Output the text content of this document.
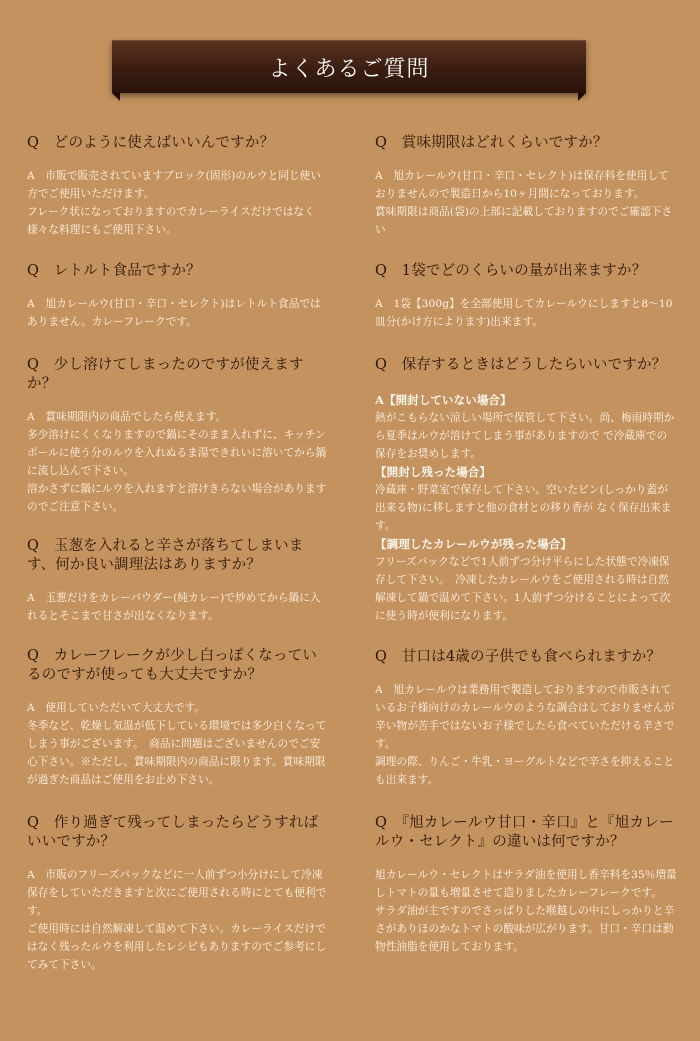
よくあるご質問

Q　どのように使えばいいんですか？

A　市販で販売されていますブロック(固形)のルウと同じ使い方でご使用いただけます。

フレーク状になっておりますのでカレーライスだけではなく様々な料理にもご使用下さい。

Q　レトルト食品ですか？

A　旭カレールウ(甘口・辛口・セレクト)はレトルト食品ではありません。カレーフレークです。

Q　少し溶けてしまったのですが使えますか？

A　賞味期限内の商品でしたら使えます。

多少溶けにくくなりますので鍋にそのまま入れずに、キッチンボールに使う分のルウを入れぬるま湯できれいに溶いてから鍋に流し込んで下さい。

溶かさずに鍋にルウを入れますと溶けきらない場合がありますのでご注意下さい。

Q　玉葱を入れると辛さが落ちてしまいます、何か良い調理法はありますか？

A　玉葱だけをカレーパウダー(純カレー)で炒めてから鍋に入れるとそこまで甘さが出なくなります。

Q　カレーフレークが少し白っぽくなっているのですが使っても大丈夫ですか？

A　使用していただいて大丈夫です。

冬季など、乾燥し気温が低下している環境では多少白くなってしまう事がございます。　商品に問題はございませんのでご安心下さい。※ただし、賞味期限内の商品に限ります。賞味期限が過ぎた商品はご使用をお止め下さい。

Q　作り過ぎて残ってしまったらどうすればいいですか？

A　市販のフリーズパックなどに一人前ずつ小分けにして冷凍保存をしていただきますと次にご使用される時にとても便利です。

ご使用時には自然解凍して温めて下さい。カレーライスだけではなく残ったルウを利用したレシピもありますのでご参考にしてみて下さい。

Q　賞味期限はどれくらいですか？

A　旭カレールウ(甘口・辛口・セレクト)は保存料を使用しておりませんので製造日から10ヶ月間になっております。

賞味期限は商品(袋)の上部に記載しておりますのでご確認下さい

Q　1袋でどのくらいの量が出来ますか？

A　1袋【300g】を全部使用してカレールウにしますと8～10皿分(かけ方によります)出来ます。

Q　保存するときはどうしたらいいですか？

A【開封していない場合】

熱がこもらない涼しい場所で保管して下さい。尚、梅雨時期から夏季はルウが溶けてしまう事がありますので で冷蔵庫での保存をお奨めします。

【開封し残った場合】

冷蔵庫・野菜室で保存して下さい。空いたビン(しっかり蓋が出来る物)に移しますと他の食材との移り香が なく保存出来ます。

【調理したカレールウが残った場合】

フリーズパックなどで1人前ずつ分け平らにした状態で冷凍保存して下さい。　冷凍したカレールウをご使用される時は自然解凍して鍋で温めて下さい。1人前ずつ分けることによって次に使う時が便利になります。

Q　甘口は4歳の子供でも食べられますか？

A　旭カレールウは業務用で製造しておりますので市販されているお子様向けのカレールウのような調合はしておりませんが辛い物が苦手ではないお子様でしたら食べていただける辛さです。

調理の際、りんご・牛乳・ヨーグルトなどで辛さを抑えることも出来ます。

Q　『旭カレールウ甘口・辛口』と『旭カレールウ・セレクト』の違いは何ですか？

旭カレールウ・セレクトはサラダ油を使用し香辛料を35％増量しトマトの量も増量させて造りましたカレーフレークです。

サラダ油が主ですのでさっぱりした喉越しの中にしっかりと辛さがありほのかなトマトの酸味が広がります。甘口・辛口は動物性油脂を使用しております。
